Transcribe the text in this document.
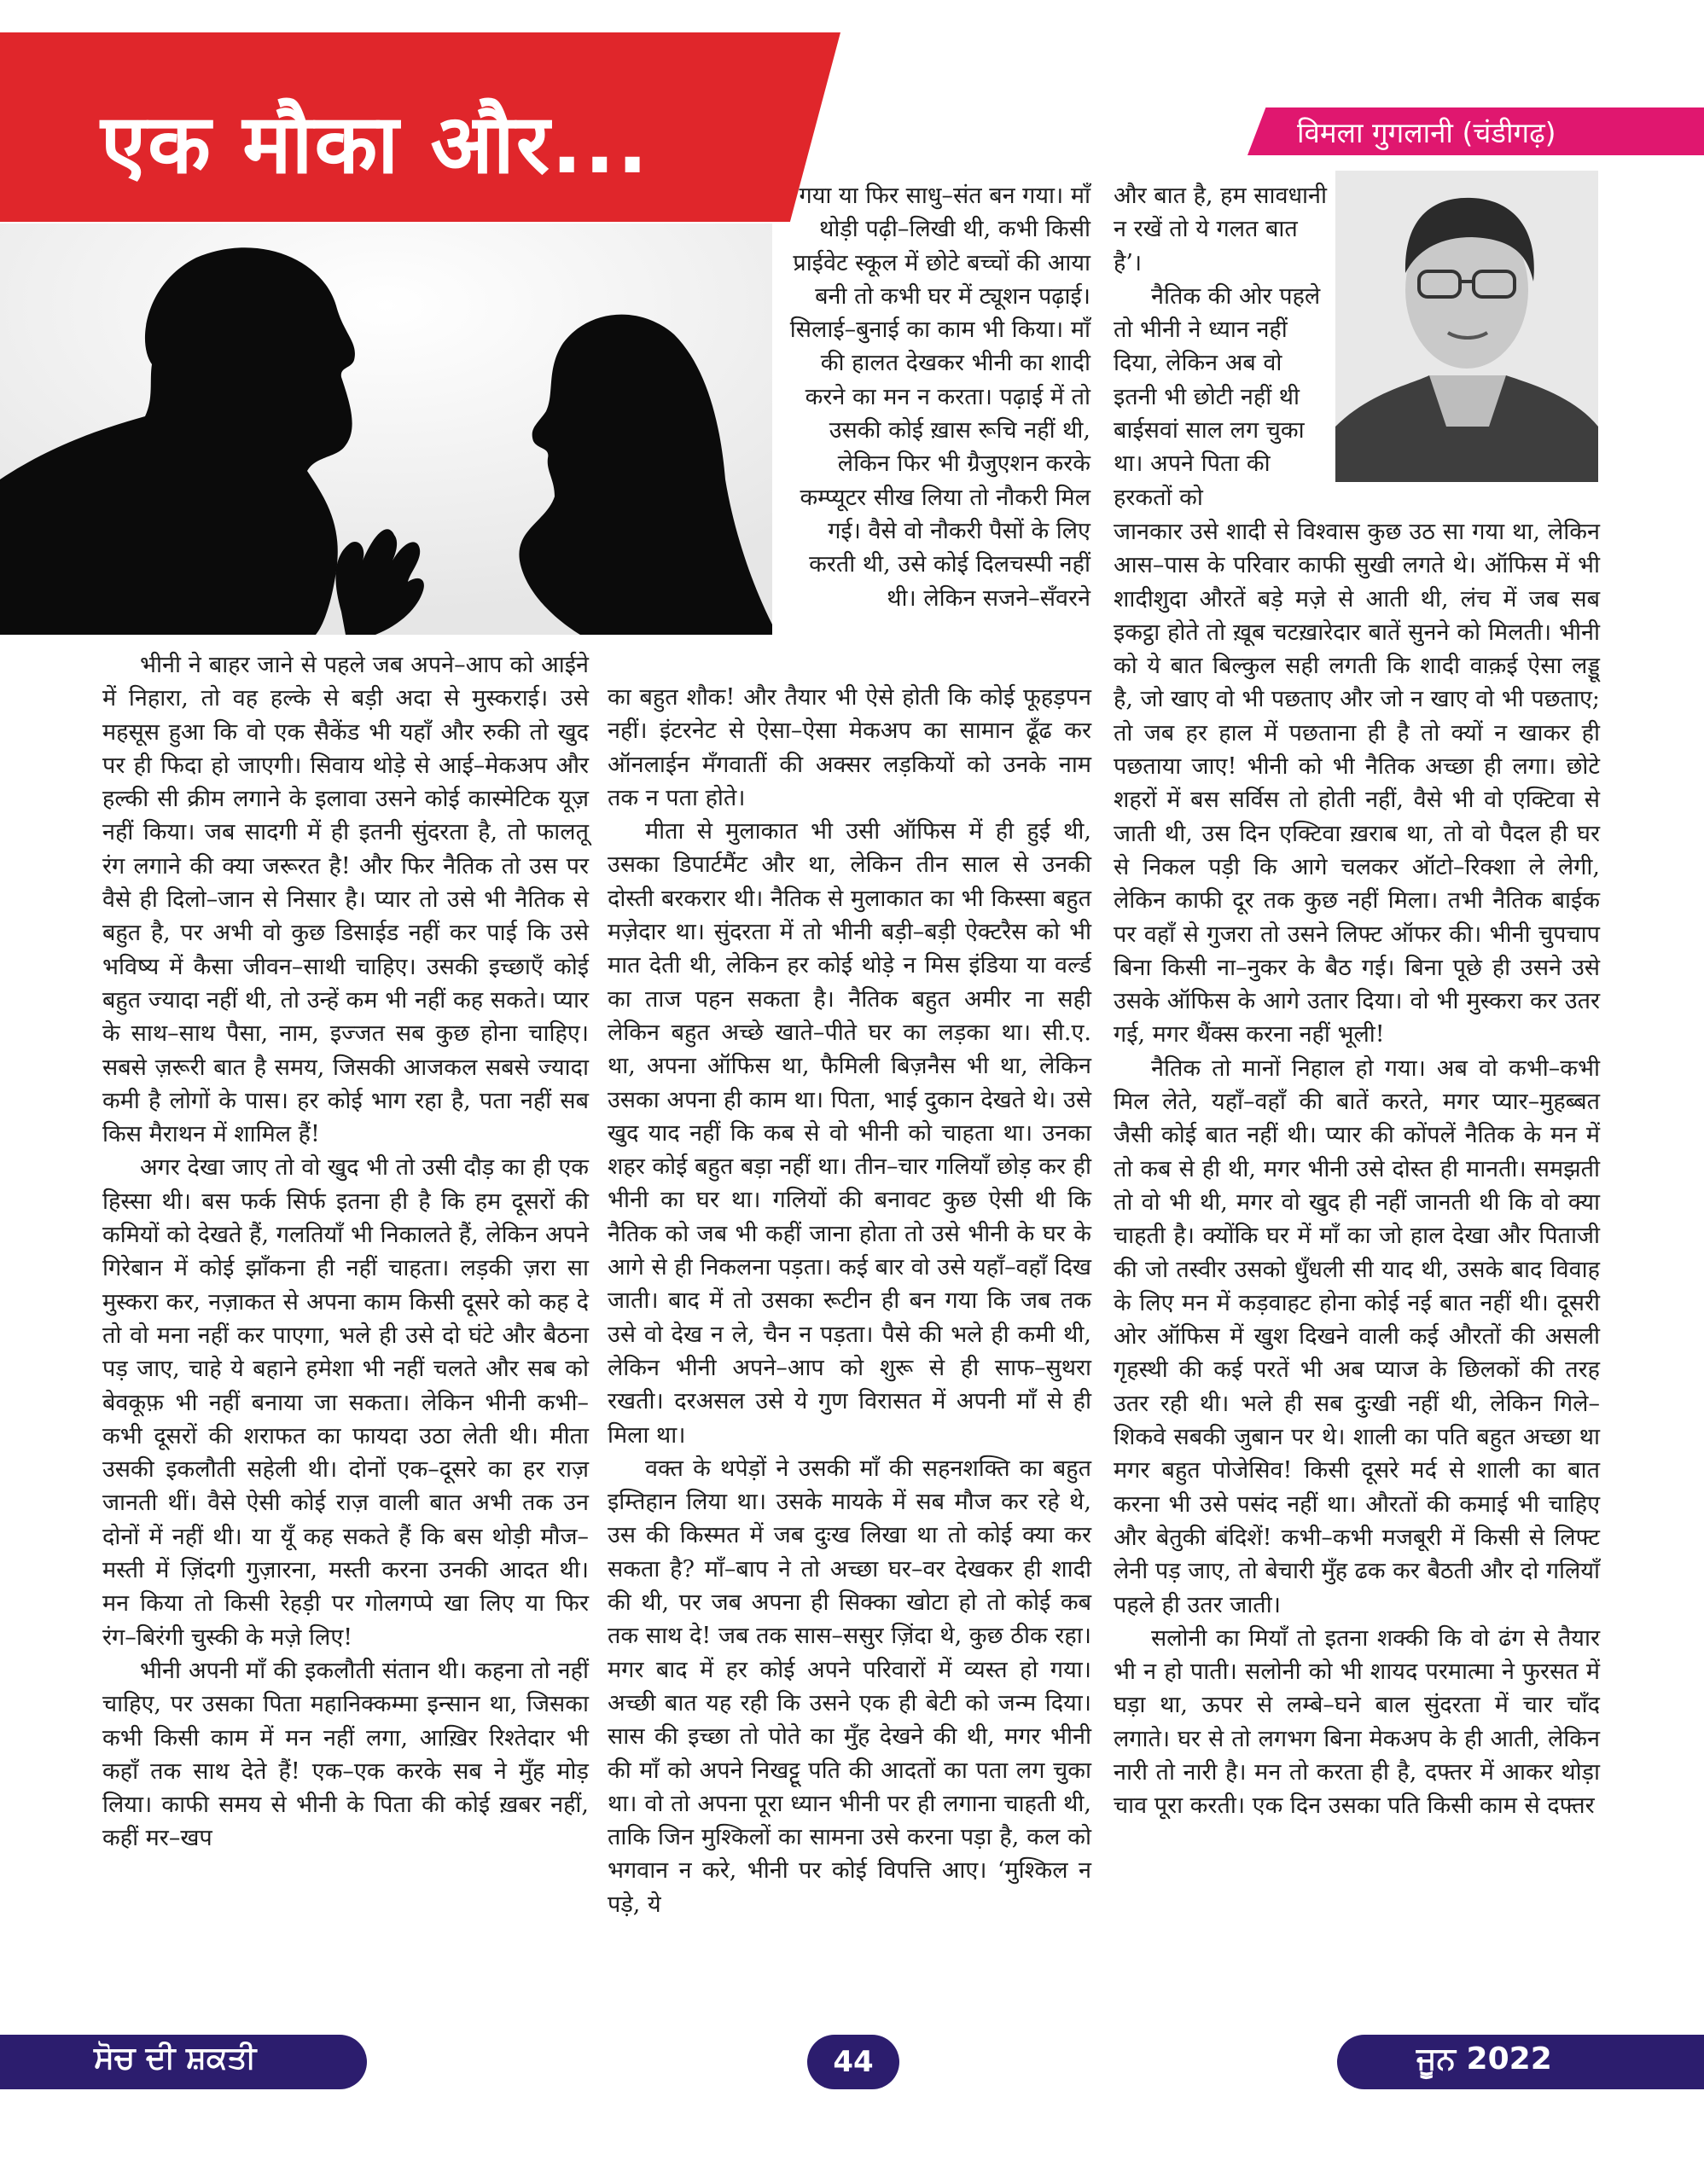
एक मौका और...	विमला गुगलानी (चंडीगढ़)

भीनी ने बाहर जाने से पहले जब अपने–आप को आईने में निहारा, तो वह हल्के से बड़ी अदा से मुस्कराई। उसे महसूस हुआ कि वो एक सैकेंड भी यहाँ और रुकी तो खुद पर ही फिदा हो जाएगी। सिवाय थोड़े से आई–मेकअप और हल्की सी क्रीम लगाने के इलावा उसने कोई कास्मेटिक यूज़ नहीं किया। जब सादगी में ही इतनी सुंदरता है, तो फालतू रंग लगाने की क्या जरूरत है! और फिर नैतिक तो उस पर वैसे ही दिलो–जान से निसार है। प्यार तो उसे भी नैतिक से बहुत है, पर अभी वो कुछ डिसाईड नहीं कर पाई कि उसे भविष्य में कैसा जीवन–साथी चाहिए। उसकी इच्छाएँ कोई बहुत ज्यादा नहीं थी, तो उन्हें कम भी नहीं कह सकते। प्यार के साथ–साथ पैसा, नाम, इज्जत सब कुछ होना चाहिए। सबसे ज़रूरी बात है समय, जिसकी आजकल सबसे ज्यादा कमी है लोगों के पास। हर कोई भाग रहा है, पता नहीं सब किस मैराथन में शामिल हैं!

अगर देखा जाए तो वो खुद भी तो उसी दौड़ का ही एक हिस्सा थी। बस फर्क सिर्फ इतना ही है कि हम दूसरों की कमियों को देखते हैं, गलतियाँ भी निकालते हैं, लेकिन अपने गिरेबान में कोई झाँकना ही नहीं चाहता। लड़की ज़रा सा मुस्करा कर, नज़ाकत से अपना काम किसी दूसरे को कह दे तो वो मना नहीं कर पाएगा, भले ही उसे दो घंटे और बैठना पड़ जाए, चाहे ये बहाने हमेशा भी नहीं चलते और सब को बेवकूफ़ भी नहीं बनाया जा सकता। लेकिन भीनी कभी–कभी दूसरों की शराफत का फायदा उठा लेती थी। मीता उसकी इकलौती सहेली थी। दोनों एक–दूसरे का हर राज़ जानती थीं। वैसे ऐसी कोई राज़ वाली बात अभी तक उन दोनों में नहीं थी। या यूँ कह सकते हैं कि बस थोड़ी मौज–मस्ती में ज़िंदगी गुज़ारना, मस्ती करना उनकी आदत थी। मन किया तो किसी रेहड़ी पर गोलगप्पे खा लिए या फिर रंग–बिरंगी चुस्की के मज़े लिए!

भीनी अपनी माँ की इकलौती संतान थी। कहना तो नहीं चाहिए, पर उसका पिता महानिक्कम्मा इन्सान था, जिसका कभी किसी काम में मन नहीं लगा, आख़िर रिश्तेदार भी कहाँ तक साथ देते हैं! एक–एक करके सब ने मुँह मोड़ लिया। काफी समय से भीनी के पिता की कोई ख़बर नहीं, कहीं मर–खप

गया या फिर साधु–संत बन गया। माँ थोड़ी पढ़ी–लिखी थी, कभी किसी प्राईवेट स्कूल में छोटे बच्चों की आया बनी तो कभी घर में ट्यूशन पढ़ाई। सिलाई–बुनाई का काम भी किया। माँ की हालत देखकर भीनी का शादी करने का मन न करता। पढ़ाई में तो उसकी कोई ख़ास रूचि नहीं थी, लेकिन फिर भी ग्रैजुएशन करके कम्प्यूटर सीख लिया तो नौकरी मिल गई। वैसे वो नौकरी पैसों के लिए करती थी, उसे कोई दिलचस्पी नहीं थी। लेकिन सजने–सँवरने

का बहुत शौक! और तैयार भी ऐसे होती कि कोई फूहड़पन नहीं। इंटरनेट से ऐसा–ऐसा मेकअप का सामान ढूँढ कर ऑनलाईन मँगवातीं की अक्सर लड़कियों को उनके नाम तक न पता होते।

मीता से मुलाकात भी उसी ऑफिस में ही हुई थी, उसका डिपार्टमैंट और था, लेकिन तीन साल से उनकी दोस्ती बरकरार थी। नैतिक से मुलाकात का भी किस्सा बहुत मज़ेदार था। सुंदरता में तो भीनी बड़ी–बड़ी ऐक्टरैस को भी मात देती थी, लेकिन हर कोई थोड़े न मिस इंडिया या वर्ल्ड का ताज पहन सकता है। नैतिक बहुत अमीर ना सही लेकिन बहुत अच्छे खाते–पीते घर का लड़का था। सी.ए. था, अपना ऑफिस था, फैमिली बिज़नैस भी था, लेकिन उसका अपना ही काम था। पिता, भाई दुकान देखते थे। उसे खुद याद नहीं कि कब से वो भीनी को चाहता था। उनका शहर कोई बहुत बड़ा नहीं था। तीन–चार गलियाँ छोड़ कर ही भीनी का घर था। गलियों की बनावट कुछ ऐसी थी कि नैतिक को जब भी कहीं जाना होता तो उसे भीनी के घर के आगे से ही निकलना पड़ता। कई बार वो उसे यहाँ–वहाँ दिख जाती। बाद में तो उसका रूटीन ही बन गया कि जब तक उसे वो देख न ले, चैन न पड़ता। पैसे की भले ही कमी थी, लेकिन भीनी अपने–आप को शुरू से ही साफ–सुथरा रखती। दरअसल उसे ये गुण विरासत में अपनी माँ से ही मिला था।

वक्त के थपेड़ों ने उसकी माँ की सहनशक्ति का बहुत इम्तिहान लिया था। उसके मायके में सब मौज कर रहे थे, उस की किस्मत में जब दुःख लिखा था तो कोई क्या कर सकता है? माँ–बाप ने तो अच्छा घर–वर देखकर ही शादी की थी, पर जब अपना ही सिक्का खोटा हो तो कोई कब तक साथ दे! जब तक सास–ससुर ज़िंदा थे, कुछ ठीक रहा। मगर बाद में हर कोई अपने परिवारों में व्यस्त हो गया। अच्छी बात यह रही कि उसने एक ही बेटी को जन्म दिया। सास की इच्छा तो पोते का मुँह देखने की थी, मगर भीनी की माँ को अपने निखट्टू पति की आदतों का पता लग चुका था। वो तो अपना पूरा ध्यान भीनी पर ही लगाना चाहती थी, ताकि जिन मुश्किलों का सामना उसे करना पड़ा है, कल को भगवान न करे, भीनी पर कोई विपत्ति आए। ‘मुश्किल न पड़े, ये

और बात है, हम सावधानी न रखें तो ये गलत बात है’।

नैतिक की ओर पहले तो भीनी ने ध्यान नहीं दिया, लेकिन अब वो इतनी भी छोटी नहीं थी बाईसवां साल लग चुका था। अपने पिता की हरकतों को

जानकार उसे शादी से विश्वास कुछ उठ सा गया था, लेकिन आस–पास के परिवार काफी सुखी लगते थे। ऑफिस में भी शादीशुदा औरतें बड़े मज़े से आती थी, लंच में जब सब इकट्ठा होते तो ख़ूब चटख़ारेदार बातें सुनने को मिलती। भीनी को ये बात बिल्कुल सही लगती कि शादी वाक़ई ऐसा लड्डू है, जो खाए वो भी पछताए और जो न खाए वो भी पछताए; तो जब हर हाल में पछताना ही है तो क्यों न खाकर ही पछताया जाए! भीनी को भी नैतिक अच्छा ही लगा। छोटे शहरों में बस सर्विस तो होती नहीं, वैसे भी वो एक्टिवा से जाती थी, उस दिन एक्टिवा ख़राब था, तो वो पैदल ही घर से निकल पड़ी कि आगे चलकर ऑटो–रिक्शा ले लेगी, लेकिन काफी दूर तक कुछ नहीं मिला। तभी नैतिक बाईक पर वहाँ से गुजरा तो उसने लिफ्ट ऑफर की। भीनी चुपचाप बिना किसी ना–नुकर के बैठ गई। बिना पूछे ही उसने उसे उसके ऑफिस के आगे उतार दिया। वो भी मुस्करा कर उतर गई, मगर थैंक्स करना नहीं भूली!

नैतिक तो मानों निहाल हो गया। अब वो कभी–कभी मिल लेते, यहाँ–वहाँ की बातें करते, मगर प्यार–मुहब्बत जैसी कोई बात नहीं थी। प्यार की कोंपलें नैतिक के मन में तो कब से ही थी, मगर भीनी उसे दोस्त ही मानती। समझती तो वो भी थी, मगर वो खुद ही नहीं जानती थी कि वो क्या चाहती है। क्योंकि घर में माँ का जो हाल देखा और पिताजी की जो तस्वीर उसको धुँधली सी याद थी, उसके बाद विवाह के लिए मन में कड़वाहट होना कोई नई बात नहीं थी। दूसरी ओर ऑफिस में खुश दिखने वाली कई औरतों की असली गृहस्थी की कई परतें भी अब प्याज के छिलकों की तरह उतर रही थी। भले ही सब दुःखी नहीं थी, लेकिन गिले–शिकवे सबकी जुबान पर थे। शाली का पति बहुत अच्छा था मगर बहुत पोजेसिव! किसी दूसरे मर्द से शाली का बात करना भी उसे पसंद नहीं था। औरतों की कमाई भी चाहिए और बेतुकी बंदिशें! कभी–कभी मजबूरी में किसी से लिफ्ट लेनी पड़ जाए, तो बेचारी मुँह ढक कर बैठती और दो गलियाँ पहले ही उतर जाती।

सलोनी का मियाँ तो इतना शक्की कि वो ढंग से तैयार भी न हो पाती। सलोनी को भी शायद परमात्मा ने फुरसत में घड़ा था, ऊपर से लम्बे–घने बाल सुंदरता में चार चाँद लगाते। घर से तो लगभग बिना मेकअप के ही आती, लेकिन नारी तो नारी है। मन तो करता ही है, दफ्तर में आकर थोड़ा चाव पूरा करती। एक दिन उसका पति किसी काम से दफ्तर

ਸੋਚ ਦੀ ਸ਼ਕਤੀ	44	ਜੂਨ 2022
